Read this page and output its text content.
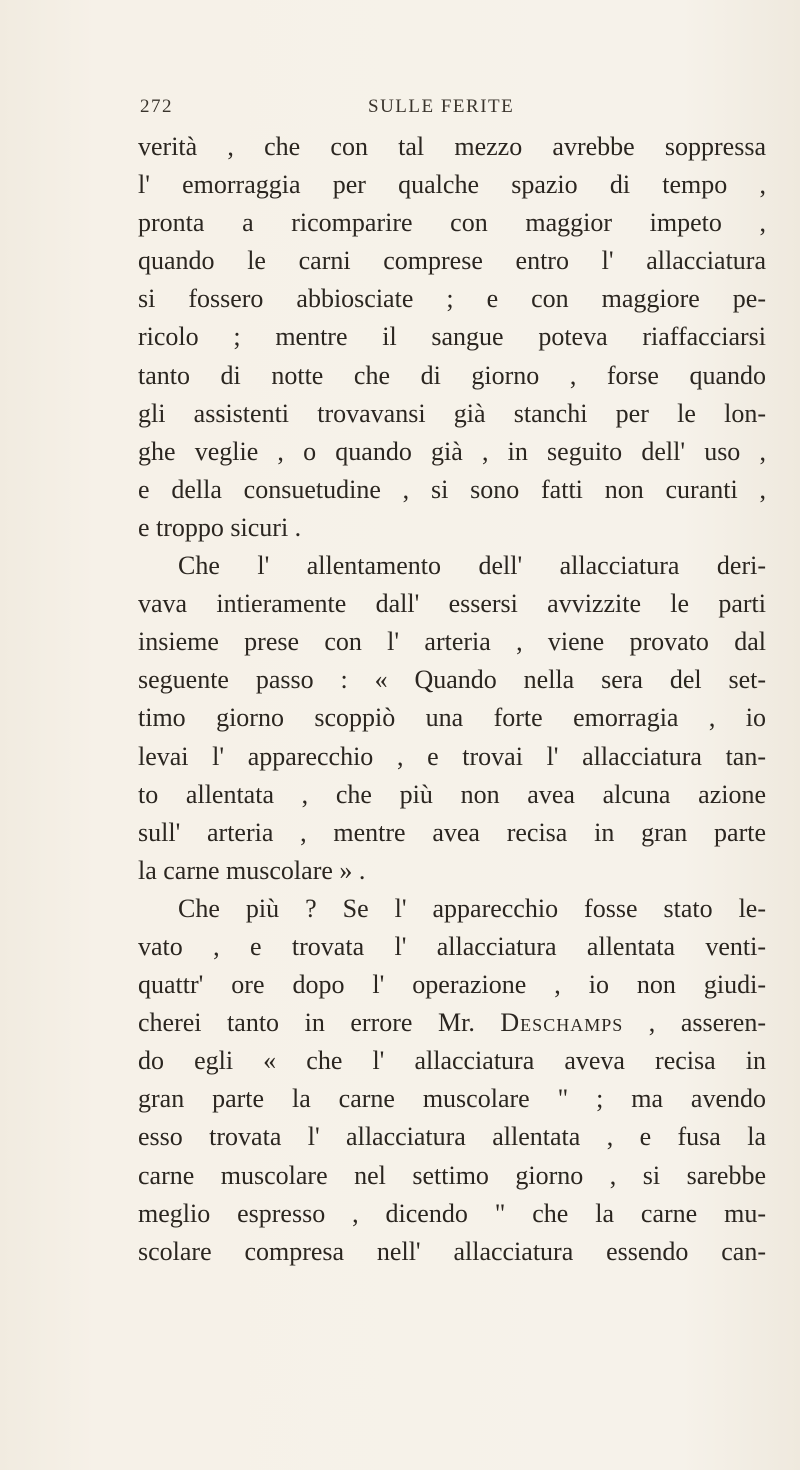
272	SULLE FERITE
verità , che con tal mezzo avrebbe soppressa
l' emorraggia per qualche spazio di tempo ,
pronta a ricomparire con maggior impeto ,
quando le carni comprese entro l' allacciatura
si fossero abbiosciate ; e con maggiore pe-
ricolo ; mentre il sangue poteva riaffacciarsi
tanto di notte che di giorno , forse quando
gli assistenti trovavansi già stanchi per le lon-
ghe veglie , o quando già , in seguito dell' uso ,
e della consuetudine , si sono fatti non curanti ,
e troppo sicuri .
Che l' allentamento dell' allacciatura deri-
vava intieramente dall' essersi avvizzite le parti
insieme prese con l' arteria , viene provato dal
seguente passo : « Quando nella sera del set-
timo giorno scoppiò una forte emorragia , io
levai l' apparecchio , e trovai l' allacciatura tan-
to allentata , che più non avea alcuna azione
sull' arteria , mentre avea recisa in gran parte
la carne muscolare » .
Che più ? Se l' apparecchio fosse stato le-
vato , e trovata l' allacciatura allentata venti-
quattr' ore dopo l' operazione , io non giudi-
cherei tanto in errore Mr. Deschamps , asseren-
do egli « che l' allacciatura aveva recisa in
gran parte la carne muscolare " ; ma avendo
esso trovata l' allacciatura allentata , e fusa la
carne muscolare nel settimo giorno , si sarebbe
meglio espresso , dicendo " che la carne mu-
scolare compresa nell' allacciatura essendo can-
